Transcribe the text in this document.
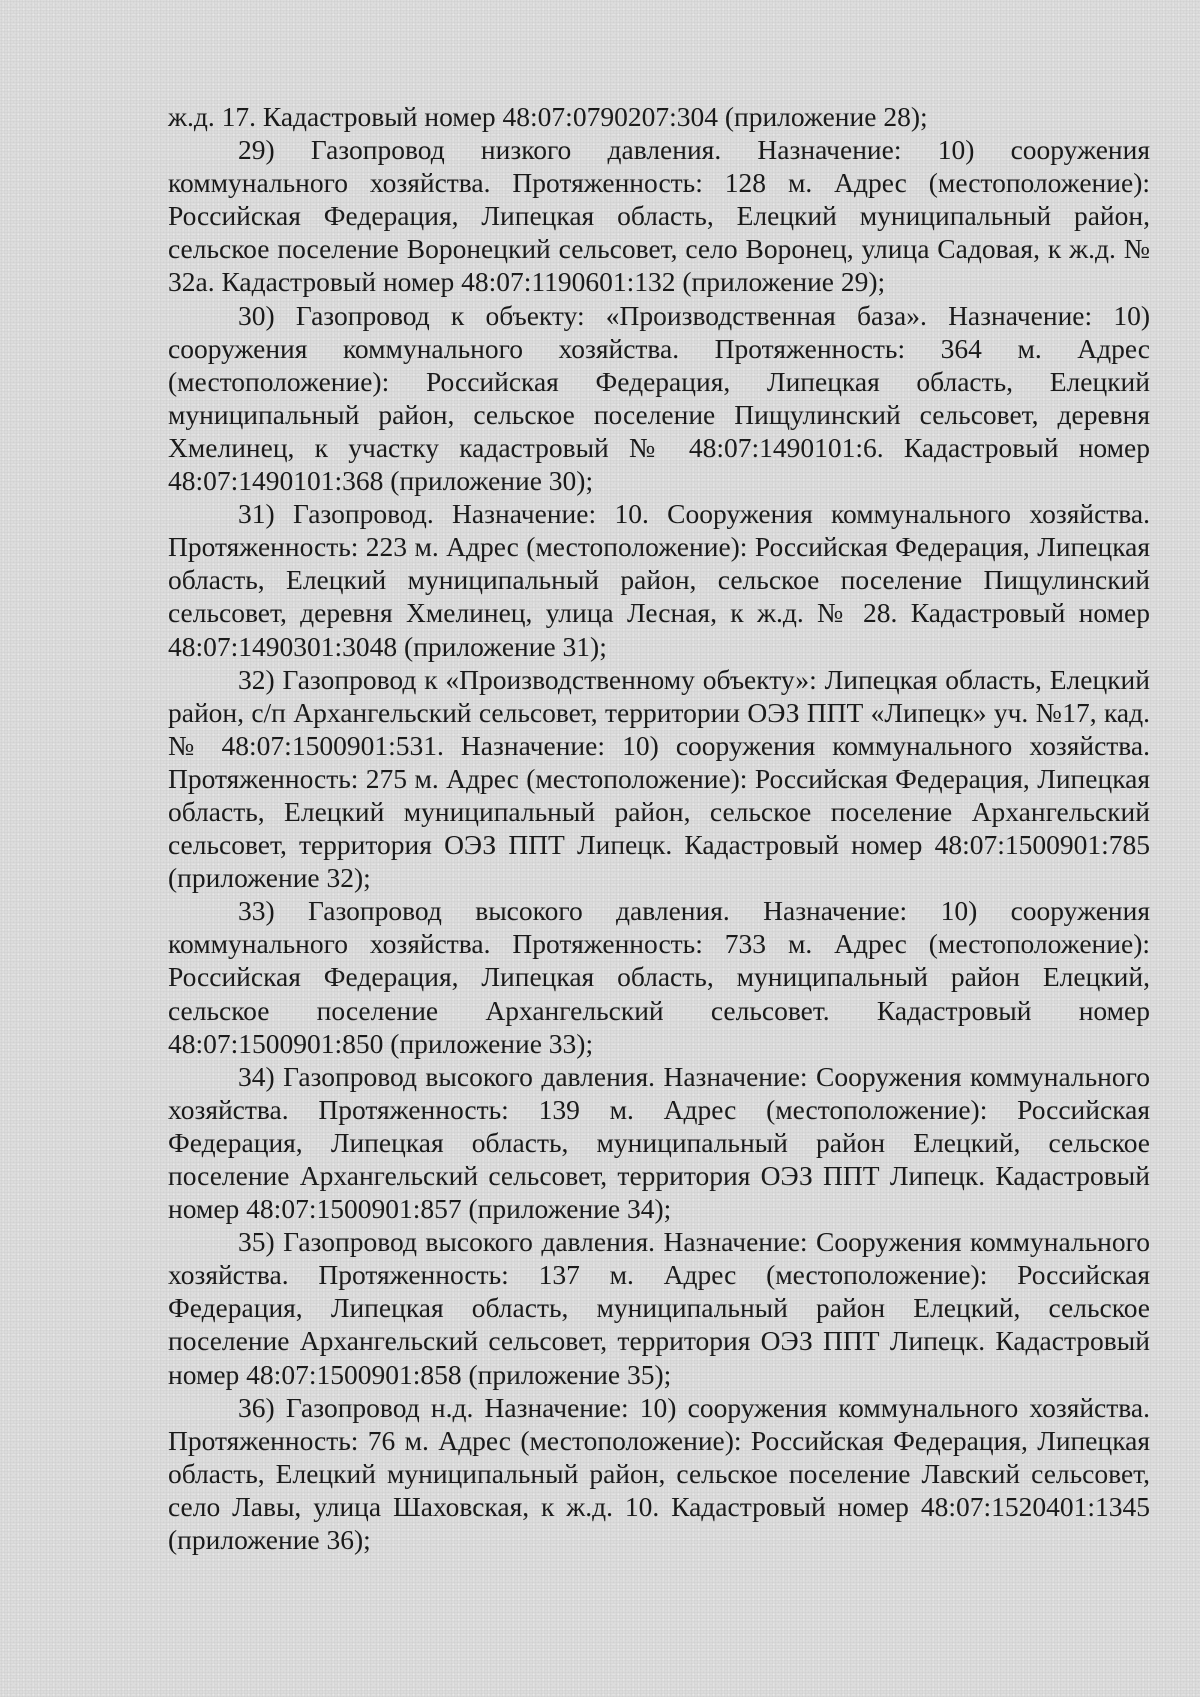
ж.д. 17. Кадастровый номер 48:07:0790207:304 (приложение 28);

29) Газопровод низкого давления. Назначение: 10) сооружения коммунального хозяйства. Протяженность: 128 м. Адрес (местоположение): Российская Федерация, Липецкая область, Елецкий муниципальный район, сельское поселение Воронецкий сельсовет, село Воронец, улица Садовая, к ж.д. № 32а. Кадастровый номер 48:07:1190601:132 (приложение 29);

30) Газопровод к объекту: «Производственная база». Назначение: 10) сооружения коммунального хозяйства. Протяженность: 364 м. Адрес (местоположение): Российская Федерация, Липецкая область, Елецкий муниципальный район, сельское поселение Пищулинский сельсовет, деревня Хмелинец, к участку кадастровый № 48:07:1490101:6. Кадастровый номер 48:07:1490101:368 (приложение 30);

31) Газопровод. Назначение: 10. Сооружения коммунального хозяйства. Протяженность: 223 м. Адрес (местоположение): Российская Федерация, Липецкая область, Елецкий муниципальный район, сельское поселение Пищулинский сельсовет, деревня Хмелинец, улица Лесная, к ж.д. № 28. Кадастровый номер 48:07:1490301:3048 (приложение 31);

32) Газопровод к «Производственному объекту»: Липецкая область, Елецкий район, с/п Архангельский сельсовет, территории ОЭЗ ППТ «Липецк» уч. №17, кад. № 48:07:1500901:531. Назначение: 10) сооружения коммунального хозяйства. Протяженность: 275 м. Адрес (местоположение): Российская Федерация, Липецкая область, Елецкий муниципальный район, сельское поселение Архангельский сельсовет, территория ОЭЗ ППТ Липецк. Кадастровый номер 48:07:1500901:785 (приложение 32);

33) Газопровод высокого давления. Назначение: 10) сооружения коммунального хозяйства. Протяженность: 733 м. Адрес (местоположение): Российская Федерация, Липецкая область, муниципальный район Елецкий, сельское поселение Архангельский сельсовет. Кадастровый номер 48:07:1500901:850 (приложение 33);

34) Газопровод высокого давления. Назначение: Сооружения коммунального хозяйства. Протяженность: 139 м. Адрес (местоположение): Российская Федерация, Липецкая область, муниципальный район Елецкий, сельское поселение Архангельский сельсовет, территория ОЭЗ ППТ Липецк. Кадастровый номер 48:07:1500901:857 (приложение 34);

35) Газопровод высокого давления. Назначение: Сооружения коммунального хозяйства. Протяженность: 137 м. Адрес (местоположение): Российская Федерация, Липецкая область, муниципальный район Елецкий, сельское поселение Архангельский сельсовет, территория ОЭЗ ППТ Липецк. Кадастровый номер 48:07:1500901:858 (приложение 35);

36) Газопровод н.д. Назначение: 10) сооружения коммунального хозяйства. Протяженность: 76 м. Адрес (местоположение): Российская Федерация, Липецкая область, Елецкий муниципальный район, сельское поселение Лавский сельсовет, село Лавы, улица Шаховская, к ж.д. 10. Кадастровый номер 48:07:1520401:1345 (приложение 36);
